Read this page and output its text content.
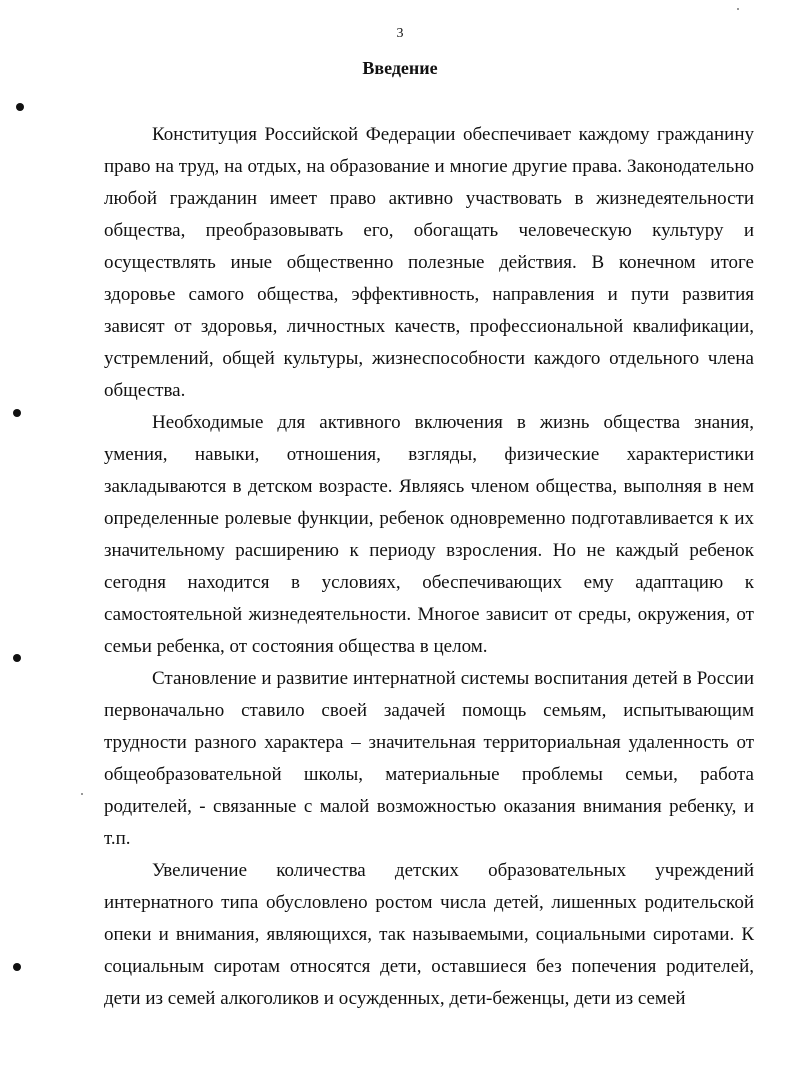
3
Введение

Конституция Российской Федерации обеспечивает каждому гражданину право на труд, на отдых, на образование и многие другие права. Законодательно любой гражданин имеет право активно участвовать в жизнедеятельности общества, преобразовывать его, обогащать человеческую культуру и осуществлять иные общественно полезные действия. В конечном итоге здоровье самого общества, эффективность, направления и пути развития зависят от здоровья, личностных качеств, профессиональной квалификации, устремлений, общей культуры, жизнеспособности каждого отдельного члена общества.

Необходимые для активного включения в жизнь общества знания, умения, навыки, отношения, взгляды, физические характеристики закладываются в детском возрасте. Являясь членом общества, выполняя в нем определенные ролевые функции, ребенок одновременно подготавливается к их значительному расширению к периоду взросления. Но не каждый ребенок сегодня находится в условиях, обеспечивающих ему адаптацию к самостоятельной жизнедеятельности. Многое зависит от среды, окружения, от семьи ребенка, от состояния общества в целом.

Становление и развитие интернатной системы воспитания детей в России первоначально ставило своей задачей помощь семьям, испытывающим трудности разного характера – значительная территориальная удаленность от общеобразовательной школы, материальные проблемы семьи, работа родителей, - связанные с малой возможностью оказания внимания ребенку, и т.п.

Увеличение количества детских образовательных учреждений интернатного типа обусловлено ростом числа детей, лишенных родительской опеки и внимания, являющихся, так называемыми, социальными сиротами. К социальным сиротам относятся дети, оставшиеся без попечения родителей, дети из семей алкоголиков и осужденных, дети-беженцы, дети из семей
